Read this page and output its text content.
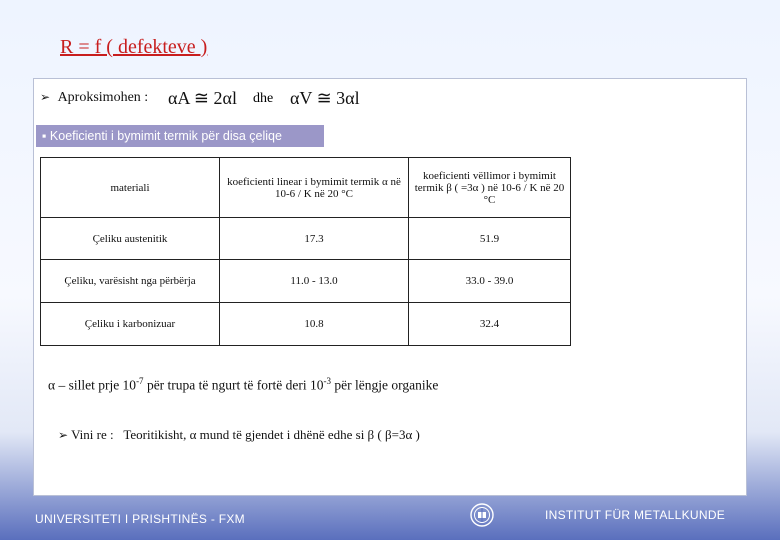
R = f ( defekteve )
➢ Aproksimohen : αA ≅ 2αl dhe αV ≅ 3αl
▪ Koeficienti i bymimit termik për disa çeliqe
materiali	koeficienti linear i bymimit termik α në 10-6 / K në 20 °C	koeficienti vëllimor i bymimit termik β ( =3α ) në 10-6 / K në 20 °C
Çeliku austenitik	17.3	51.9
Çeliku, varësisht nga përbërja	11.0 - 13.0	33.0 - 39.0
Çeliku i karbonizuar	10.8	32.4
α – sillet prje $10^{-7}$ për trupa të ngurt të fortë deri $10^{-3}$ për lëngje organike
➢ Vini re : Teoritikisht, α mund të gjendet i dhënë edhe si β ( β=3α )
UNIVERSITETI I PRISHTINËS - FXM	INSTITUT FÜR METALLKUNDE
